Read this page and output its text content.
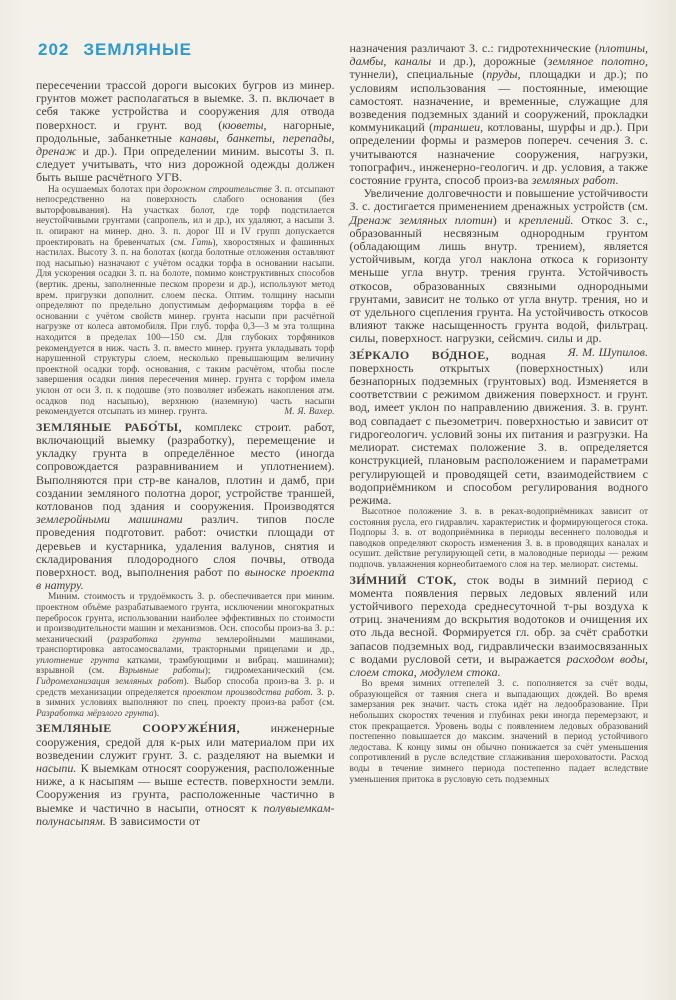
202 ЗЕМЛЯНЫЕ

пересечении трассой дороги высоких бугров из минер. грунтов может располагаться в выемке. З. п. включает в себя также устройства и сооружения для отвода поверхност. и грунт. вод (кюветы, нагорные, продольные, забанкетные канавы, банкеты, перепады, дренаж и др.). При определении миним. высоты З. п. следует учитывать, что низ дорожной одежды должен быть выше расчётного УГВ.

На осушаемых болотах при дорожном строительстве З. п. отсыпают непосредственно на поверхность слабого основания (без выторфовывания). На участках болот, где торф подстилается неустойчивыми грунтами (сапропель, ил и др.), их удаляют, а насыпи З. п. опирают на минер. дно. З. п. дорог III и IV групп допускается проектировать на бревенчатых (см. Гать), хворостяных и фашинных настилах. Высоту З. п. на болотах (когда болотные отложения оставляют под насыпью) назначают с учётом осадки торфа в основании насыпи. Для ускорения осадки З. п. на болоте, помимо конструктивных способов (вертик. дрены, заполненные песком прорези и др.), используют метод врем. пригрузки дополнит. слоем песка. Оптим. толщину насыпи определяют по предельно допустимым деформациям торфа в её основании с учётом свойств минер. грунта насыпи при расчётной нагрузке от колеса автомобиля. При глуб. торфа 0,3—3 м эта толщина находится в пределах 100—150 см. Для глубоких торфяников рекомендуется в ниж. часть З. п. вместо минер. грунта укладывать торф нарушенной структуры слоем, несколько превышающим величину проектной осадки торф. основания, с таким расчётом, чтобы после завершения осадки линия пересечения минер. грунта с торфом имела уклон от оси З. п. к подошве (это позволяет избежать накопления атм. осадков под насыпью), верхнюю (наземную) часть насыпи рекомендуется отсыпать из минер. грунта.	М. Я. Вахер.

ЗЕМЛЯНЫЕ РАБО́ТЫ, комплекс строит. работ, включающий выемку (разработку), перемещение и укладку грунта в определённое место (иногда сопровождается разравниванием и уплотнением). Выполняются при стр-ве каналов, плотин и дамб, при создании земляного полотна дорог, устройстве траншей, котлованов под здания и сооружения. Производятся землеройными машинами различ. типов после проведения подготовит. работ: очистки площади от деревьев и кустарника, удаления валунов, снятия и складирования плодородного слоя почвы, отвода поверхност. вод, выполнения работ по выноске проекта в натуру.

Миним. стоимость и трудоёмкость З. р. обеспечивается при миним. проектном объёме разрабатываемого грунта, исключении многократных перебросок грунта, использовании наиболее эффективных по стоимости и производительности машин и механизмов. Осн. способы произ-ва З. р.: механический (разработка грунта землеройными машинами, транспортировка автосамосвалами, тракторными прицепами и др., уплотнение грунта катками, трамбующими и вибрац. машинами); взрывной (см. Взрывные работы); гидромеханический (см. Гидромеханизация земляных работ). Выбор способа произ-ва З. р. и средств механизации определяется проектом производства работ. З. р. в зимних условиях выполняют по спец. проекту произ-ва работ (см. Разработка мёрзлого грунта).

ЗЕМЛЯНЫЕ СООРУЖЕ́НИЯ, инженерные сооружения, средой для к-рых или материалом при их возведении служит грунт. З. с. разделяют на выемки и насыпи. К выемкам относят сооружения, расположенные ниже, а к насыпям — выше естеств. поверхности земли. Сооружения из грунта, расположенные частично в выемке и частично в насыпи, относят к полувыемкам-полунасыпям. В зависимости от

назначения различают З. с.: гидротехнические (плотины, дамбы, каналы и др.), дорожные (земляное полотно, туннели), специальные (пруды, площадки и др.); по условиям использования — постоянные, имеющие самостоят. назначение, и временные, служащие для возведения подземных зданий и сооружений, прокладки коммуникаций (траншеи, котлованы, шурфы и др.). При определении формы и размеров попереч. сечения З. с. учитываются назначение сооружения, нагрузки, топографич., инженерно-геологич. и др. условия, а также состояние грунта, способ произ-ва земляных работ.

Увеличение долговечности и повышение устойчивости З. с. достигается применением дренажных устройств (см. Дренаж земляных плотин) и креплений. Откос З. с., образованный несвязным однородным грунтом (обладающим лишь внутр. трением), является устойчивым, когда угол наклона откоса к горизонту меньше угла внутр. трения грунта. Устойчивость откосов, образованных связными однородными грунтами, зависит не только от угла внутр. трения, но и от удельного сцепления грунта. На устойчивость откосов влияют также насыщенность грунта водой, фильтрац. силы, поверхност. нагрузки, сейсмич. силы и др.
Я. М. Шупилов.

ЗЕ́РКАЛО ВО́ДНОЕ, водная поверхность открытых (поверхностных) или безнапорных подземных (грунтовых) вод. Изменяется в соответствии с режимом движения поверхност. и грунт. вод, имеет уклон по направлению движения. З. в. грунт. вод совпадает с пьезометрич. поверхностью и зависит от гидрогеологич. условий зоны их питания и разгрузки. На мелиорат. системах положение З. в. определяется конструкцией, плановым расположением и параметрами регулирующей и проводящей сети, взаимодействием с водоприёмником и способом регулирования водного режима.

Высотное положение З. в. в реках-водоприёмниках зависит от состояния русла, его гидравлич. характеристик и формирующегося стока. Подпоры З. в. от водоприёмника в периоды весеннего половодья и паводков определяют скорость изменения З. в. в проводящих каналах и осушит. действие регулирующей сети, в маловодные периоды — режим подпочв. увлажнения корнеобитаемого слоя на тер. мелиорат. системы.

ЗИ́МНИЙ СТОК, сток воды в зимний период с момента появления первых ледовых явлений или устойчивого перехода среднесуточной т-ры воздуха к отриц. значениям до вскрытия водотоков и очищения их ото льда весной. Формируется гл. обр. за счёт сработки запасов подземных вод, гидравлически взаимосвязанных с водами русловой сети, и выражается расходом воды, слоем стока, модулем стока.

Во время зимних оттепелей З. с. пополняется за счёт воды, образующейся от таяния снега и выпадающих дождей. Во время замерзания рек значит. часть стока идёт на ледообразование. При небольших скоростях течения и глубинах реки иногда перемерзают, и сток прекращается. Уровень воды с появлением ледовых образований постепенно повышается до максим. значений в период устойчивого ледостава. К концу зимы он обычно понижается за счёт уменьшения сопротивлений в русле вследствие сглаживания шероховатости. Расход воды в течение зимнего периода постепенно падает вследствие уменьшения притока в русловую сеть подземных
